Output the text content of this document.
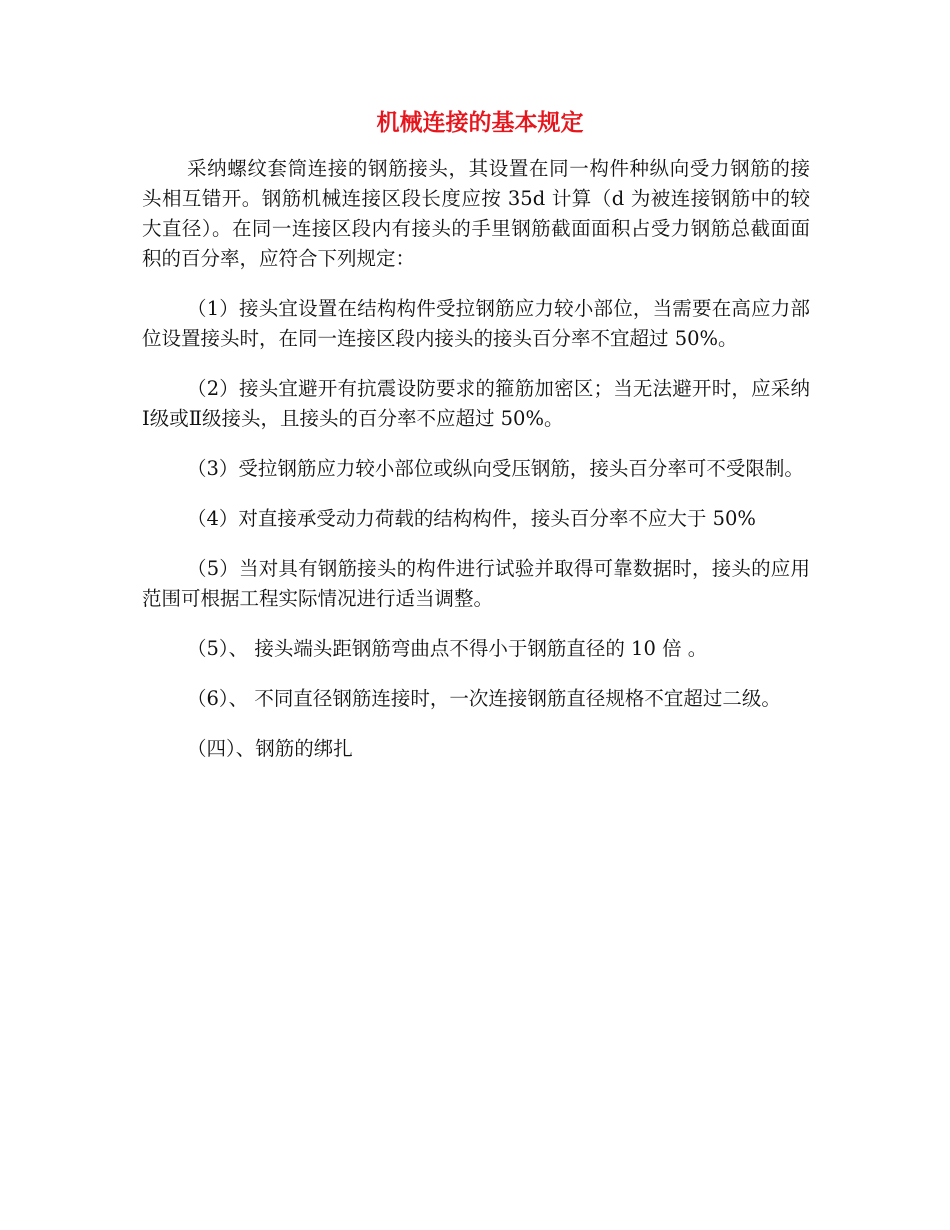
机械连接的基本规定

采纳螺纹套筒连接的钢筋接头，其设置在同一构件种纵向受力钢筋的接头相互错开。钢筋机械连接区段长度应按 35d 计算（d 为被连接钢筋中的较大直径）。在同一连接区段内有接头的手里钢筋截面面积占受力钢筋总截面面积的百分率，应符合下列规定：

（1）接头宜设置在结构构件受拉钢筋应力较小部位，当需要在高应力部位设置接头时，在同一连接区段内接头的接头百分率不宜超过 50%。

（2）接头宜避开有抗震设防要求的箍筋加密区；当无法避开时，应采纳Ⅰ级或Ⅱ级接头，且接头的百分率不应超过 50%。

（3）受拉钢筋应力较小部位或纵向受压钢筋，接头百分率可不受限制。

（4）对直接承受动力荷载的结构构件，接头百分率不应大于 50%

（5）当对具有钢筋接头的构件进行试验并取得可靠数据时，接头的应用范围可根据工程实际情况进行适当调整。

（5）、 接头端头距钢筋弯曲点不得小于钢筋直径的 10 倍 。

（6）、 不同直径钢筋连接时，一次连接钢筋直径规格不宜超过二级。

（四）、钢筋的绑扎
